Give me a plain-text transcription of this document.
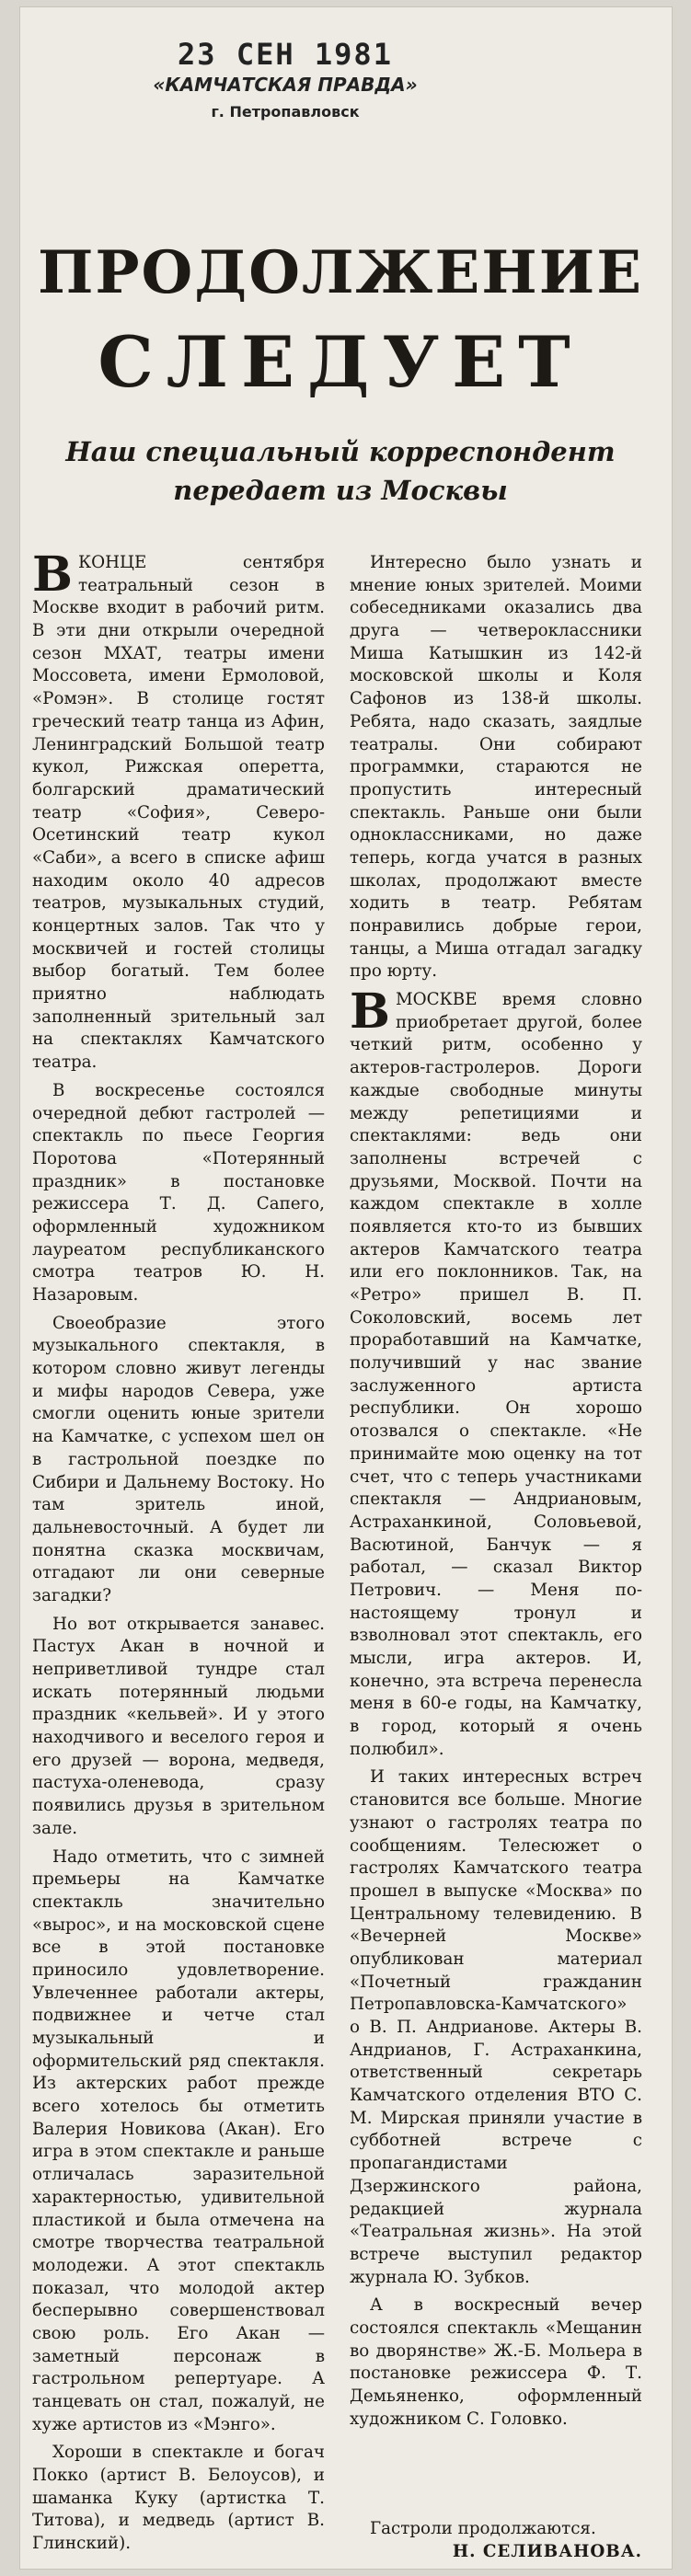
23 СЕН 1981
«КАМЧАТСКАЯ ПРАВДА»
г. Петропавловск
ПРОДОЛЖЕНИЕ
СЛЕДУЕТ
Наш специальный корреспондент
передает из Москвы

ВКОНЦЕ сентября театральный сезон в Москве входит в рабочий ритм. В эти дни открыли очередной сезон МХАТ, театры имени Моссовета, имени Ермоловой, «Ромэн». В столице гостят греческий театр танца из Афин, Ленинградский Большой театр кукол, Рижская оперетта, болгарский драматический театр «София», Северо-Осетинский театр кукол «Саби», а всего в списке афиш находим около 40 адресов театров, музыкальных студий, концертных залов. Так что у москвичей и гостей столицы выбор богатый. Тем более приятно наблюдать заполненный зрительный зал на спектаклях Камчатского театра.

В воскресенье состоялся очередной дебют гастролей — спектакль по пьесе Георгия Поротова «Потерянный праздник» в постановке режиссера Т. Д. Сапего, оформленный художником лауреатом республиканского смотра театров Ю. Н. Назаровым.

Своеобразие этого музыкального спектакля, в котором словно живут легенды и мифы народов Севера, уже смогли оценить юные зрители на Камчатке, с успехом шел он в гастрольной поездке по Сибири и Дальнему Востоку. Но там зритель иной, дальневосточный. А будет ли понятна сказка москвичам, отгадают ли они северные загадки?

Но вот открывается занавес. Пастух Акан в ночной и неприветливой тундре стал искать потерянный людьми праздник «кельвей». И у этого находчивого и веселого героя и его друзей — ворона, медведя, пастуха-оленевода, сразу появились друзья в зрительном зале.

Надо отметить, что с зимней премьеры на Камчатке спектакль значительно «вырос», и на московской сцене все в этой постановке приносило удовлетворение. Увлеченнее работали актеры, подвижнее и четче стал музыкальный и оформительский ряд спектакля. Из актерских работ прежде всего хотелось бы отметить Валерия Новикова (Акан). Его игра в этом спектакле и раньше отличалась заразительной характерностью, удивительной пластикой и была отмечена на смотре творчества театральной молодежи. А этот спектакль показал, что молодой актер бесперывно совершенствовал свою роль. Его Акан — заметный персонаж в гастрольном репертуаре. А танцевать он стал, пожалуй, не хуже артистов из «Мэнго».

Хороши в спектакле и богач Покко (артист В. Белоусов), и шаманка Куку (артистка Т. Титова), и медведь (артист В. Глинский).

Интересно было узнать и мнение юных зрителей. Моими собеседниками оказались два друга — четвероклассники Миша Катышкин из 142-й московской школы и Коля Сафонов из 138-й школы. Ребята, надо сказать, заядлые театралы. Они собирают программки, стараются не пропустить интересный спектакль. Раньше они были одноклассниками, но даже теперь, когда учатся в разных школах, продолжают вместе ходить в театр. Ребятам понравились добрые герои, танцы, а Миша отгадал загадку про юрту.

ВМОСКВЕ время словно приобретает другой, более четкий ритм, особенно у актеров-гастролеров. Дороги каждые свободные минуты между репетициями и спектаклями: ведь они заполнены встречей с друзьями, Москвой. Почти на каждом спектакле в холле появляется кто-то из бывших актеров Камчатского театра или его поклонников. Так, на «Ретро» пришел В. П. Соколовский, восемь лет проработавший на Камчатке, получивший у нас звание заслуженного артиста республики. Он хорошо отозвался о спектакле. «Не принимайте мою оценку на тот счет, что с теперь участниками спектакля — Андриановым, Астраханкиной, Соловьевой, Васютиной, Банчук — я работал, — сказал Виктор Петрович. — Меня по-настоящему тронул и взволновал этот спектакль, его мысли, игра актеров. И, конечно, эта встреча перенесла меня в 60-е годы, на Камчатку, в город, который я очень полюбил».

И таких интересных встреч становится все больше. Многие узнают о гастролях театра по сообщениям. Телесюжет о гастролях Камчатского театра прошел в выпуске «Москва» по Центральному телевидению. В «Вечерней Москве» опубликован материал «Почетный гражданин Петропавловска-Камчатского» о В. П. Андрианове. Актеры В. Андрианов, Г. Астраханкина, ответственный секретарь Камчатского отделения ВТО С. М. Мирская приняли участие в субботней встрече с пропагандистами Дзержинского района, редакцией журнала «Театральная жизнь». На этой встрече выступил редактор журнала Ю. Зубков.

А в воскресный вечер состоялся спектакль «Мещанин во дворянстве» Ж.-Б. Мольера в постановке режиссера Ф. Т. Демьяненко, оформленный художником С. Головко.

Гастроли продолжаются.
Н. СЕЛИВАНОВА.
